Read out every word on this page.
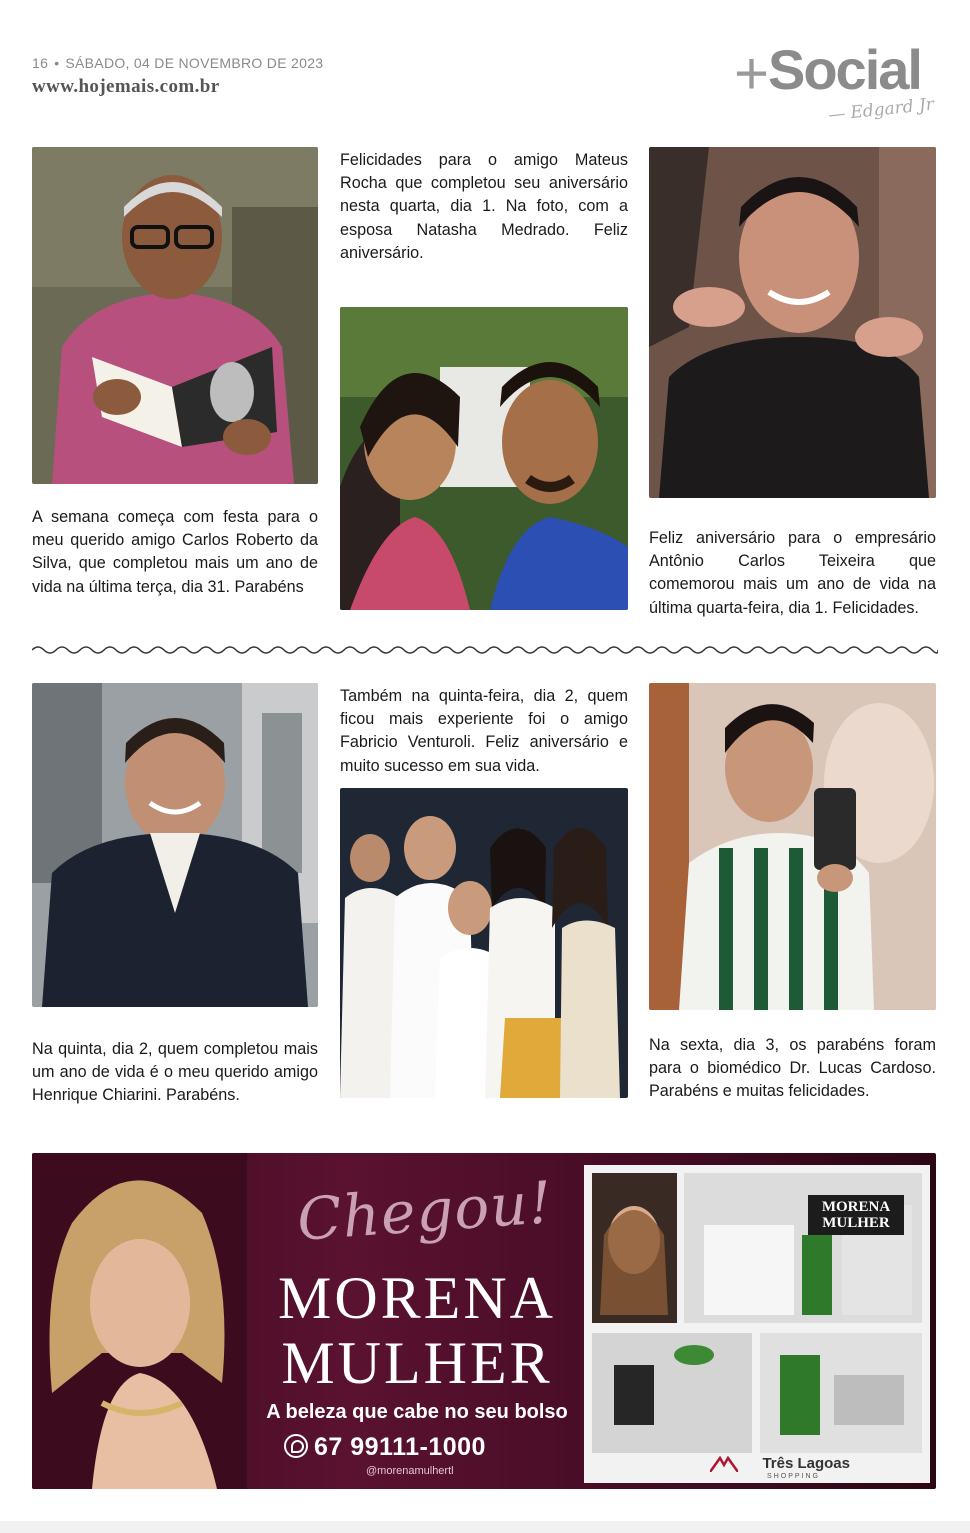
16 • SÁBADO, 04 DE NOVEMBRO DE 2023
www.hojemais.com.br	+
Social
— Edgard Jr
A semana começa com festa para o meu querido amigo Carlos Roberto da Silva, que completou mais um ano de vida na última terça, dia 31. Parabéns
Felicidades para o amigo Mateus Rocha que completou seu aniversário nesta quarta, dia 1. Na foto, com a esposa Natasha Medrado. Feliz aniversário.
Feliz aniversário para o empresário Antônio Carlos Teixeira que comemorou mais um ano de vida na última quarta-feira, dia 1. Felicidades.
Na quinta, dia 2, quem completou mais um ano de vida é o meu querido amigo Henrique Chiarini. Parabéns.
Também na quinta-feira, dia 2, quem ficou mais experiente foi o amigo Fabricio Venturoli. Feliz aniversário e muito sucesso em sua vida.
Na sexta, dia 3, os parabéns foram para o biomédico Dr. Lucas Cardoso. Parabéns e muitas felicidades.
Chegou!
MORENA
MULHER
A beleza que cabe no seu bolso
67 99111-1000
@morenamulhertl
MORENA
MULHER
Três Lagoas
SHOPPING
